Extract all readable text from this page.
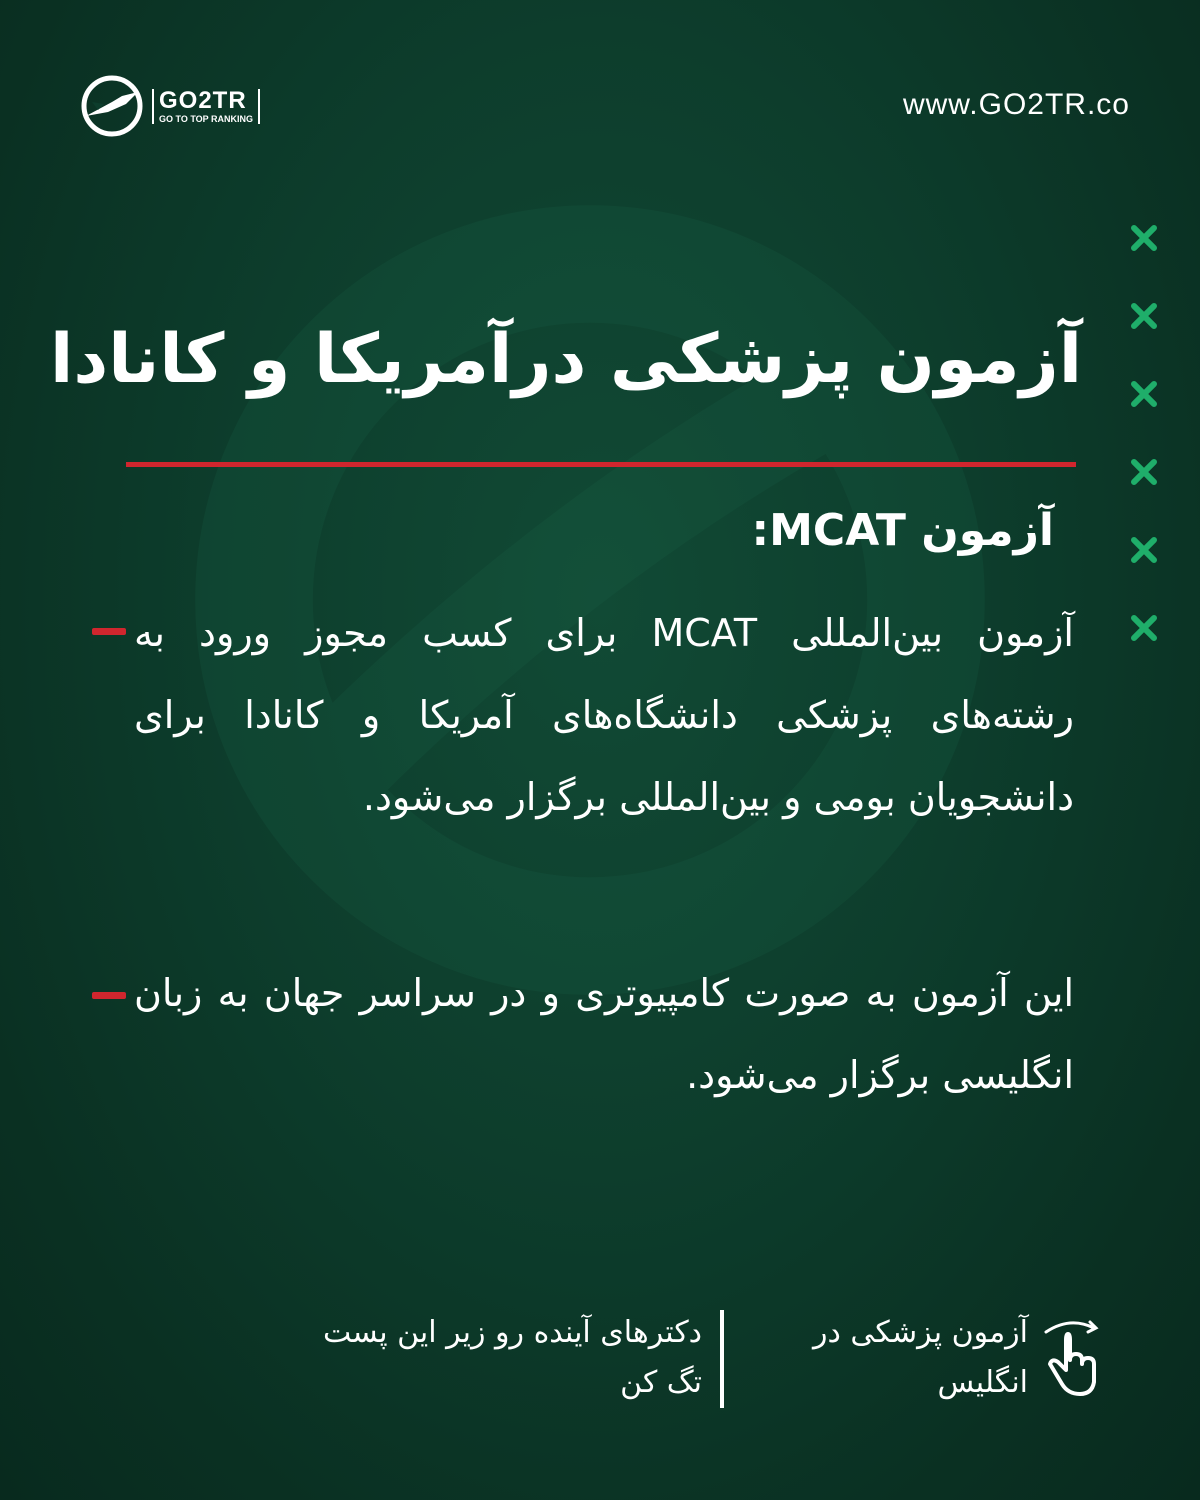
GO2TR
GO TO TOP RANKING	www.GO2TR.co
آزمون پزشکی درآمریکا و کانادا
آزمون MCAT:
آزمون بین‌المللی MCAT برای کسب مجوز ورود به رشته‌های پزشکی دانشگاه‌های آمریکا و کانادا برای دانشجویان بومی و بین‌المللی برگزار می‌شود.
این آزمون به صورت کامپیوتری و در سراسر جهان به زبان انگلیسی برگزار می‌شود.
آزمون پزشکی در
انگلیس
دکترهای آینده رو زیر این پست
تگ کن
